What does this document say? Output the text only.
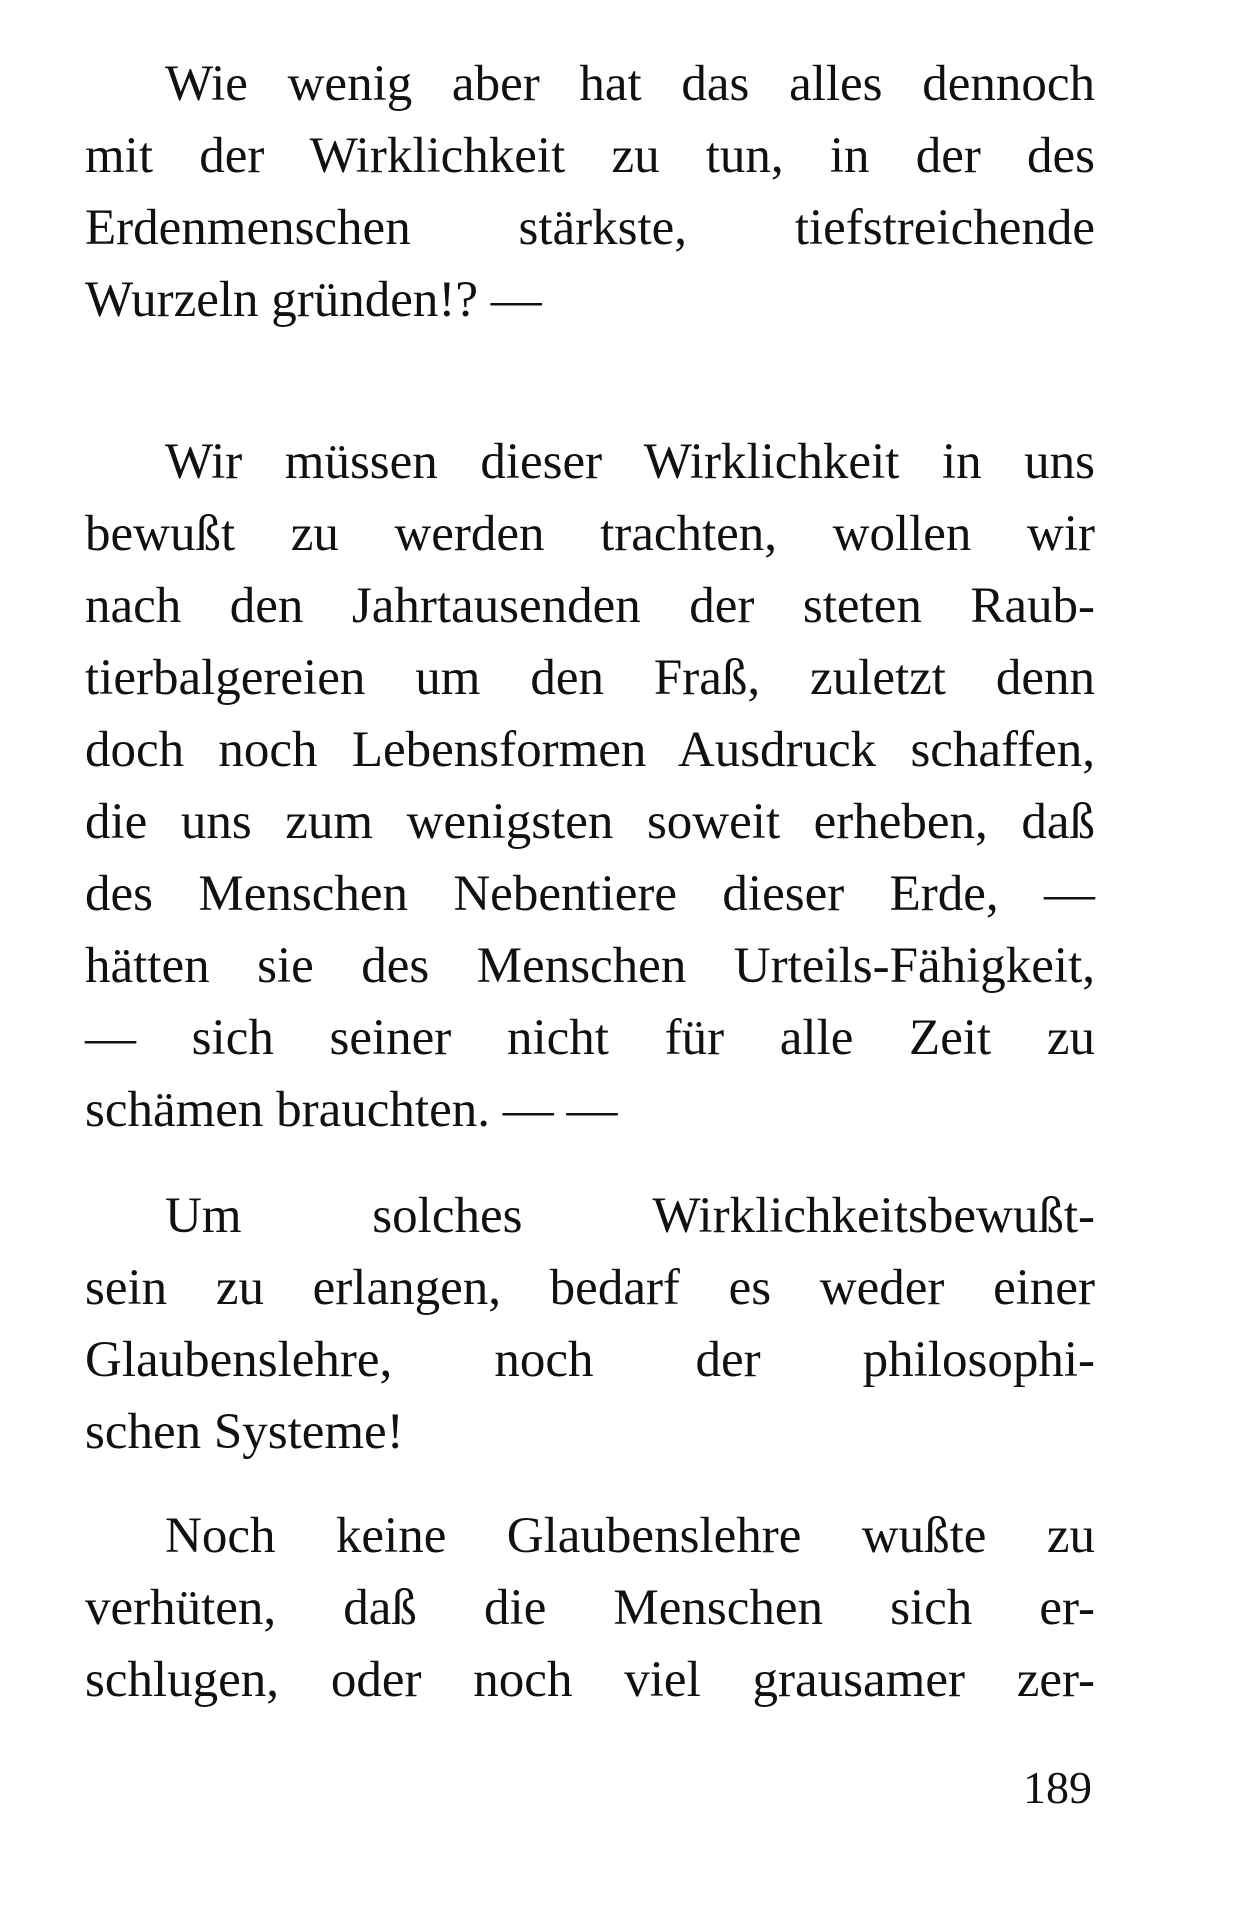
Wie wenig aber hat das alles dennoch
mit der Wirklichkeit zu tun, in der des
Erdenmenschen stärkste, tiefstreichende
Wurzeln gründen!? —
Wir müssen dieser Wirklichkeit in uns
bewußt zu werden trachten, wollen wir
nach den Jahrtausenden der steten Raub-
tierbalgereien um den Fraß, zuletzt denn
doch noch Lebensformen Ausdruck schaffen,
die uns zum wenigsten soweit erheben, daß
des Menschen Nebentiere dieser Erde, —
hätten sie des Menschen Urteils-Fähigkeit,
— sich seiner nicht für alle Zeit zu
schämen brauchten. — —
Um solches Wirklichkeitsbewußt-
sein zu erlangen, bedarf es weder einer
Glaubenslehre, noch der philosophi-
schen Systeme!
Noch keine Glaubenslehre wußte zu
verhüten, daß die Menschen sich er-
schlugen, oder noch viel grausamer zer-
189
